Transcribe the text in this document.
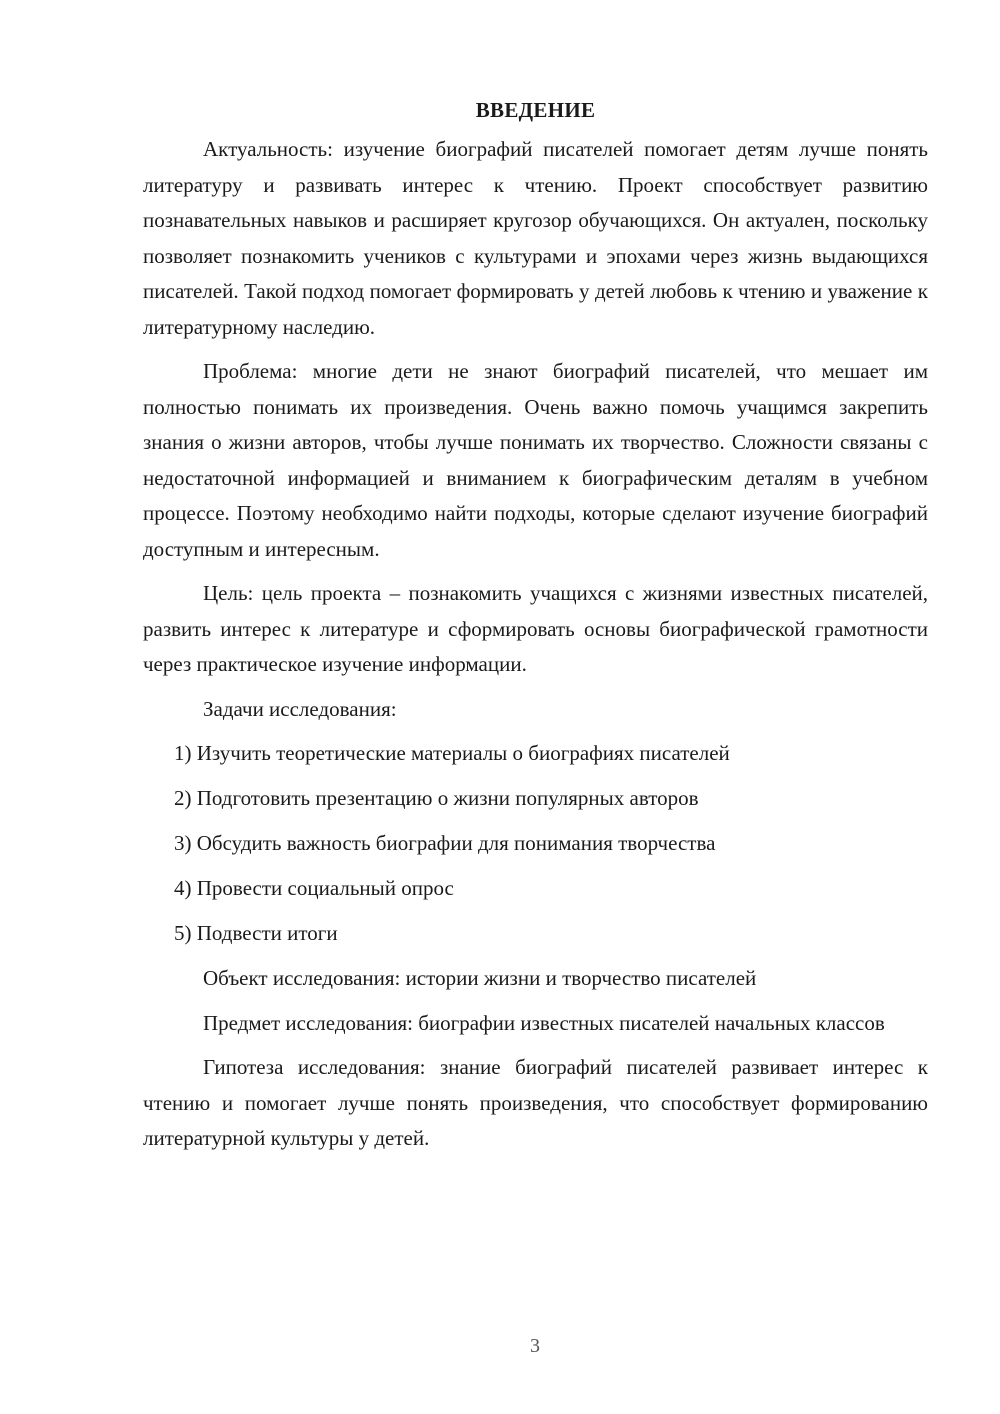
ВВЕДЕНИЕ

Актуальность: изучение биографий писателей помогает детям лучше понять литературу и развивать интерес к чтению. Проект способствует развитию познавательных навыков и расширяет кругозор обучающихся. Он актуален, поскольку позволяет познакомить учеников с культурами и эпохами через жизнь выдающихся писателей. Такой подход помогает формировать у детей любовь к чтению и уважение к литературному наследию.

Проблема: многие дети не знают биографий писателей, что мешает им полностью понимать их произведения. Очень важно помочь учащимся закрепить знания о жизни авторов, чтобы лучше понимать их творчество. Сложности связаны с недостаточной информацией и вниманием к биографическим деталям в учебном процессе. Поэтому необходимо найти подходы, которые сделают изучение биографий доступным и интересным.

Цель: цель проекта – познакомить учащихся с жизнями известных писателей, развить интерес к литературе и сформировать основы биографической грамотности через практическое изучение информации.

Задачи исследования:

1) Изучить теоретические материалы о биографиях писателей
2) Подготовить презентацию о жизни популярных авторов
3) Обсудить важность биографии для понимания творчества
4) Провести социальный опрос
5) Подвести итоги

Объект исследования: истории жизни и творчество писателей

Предмет исследования: биографии известных писателей начальных классов

Гипотеза исследования: знание биографий писателей развивает интерес к чтению и помогает лучше понять произведения, что способствует формированию литературной культуры у детей.

3
